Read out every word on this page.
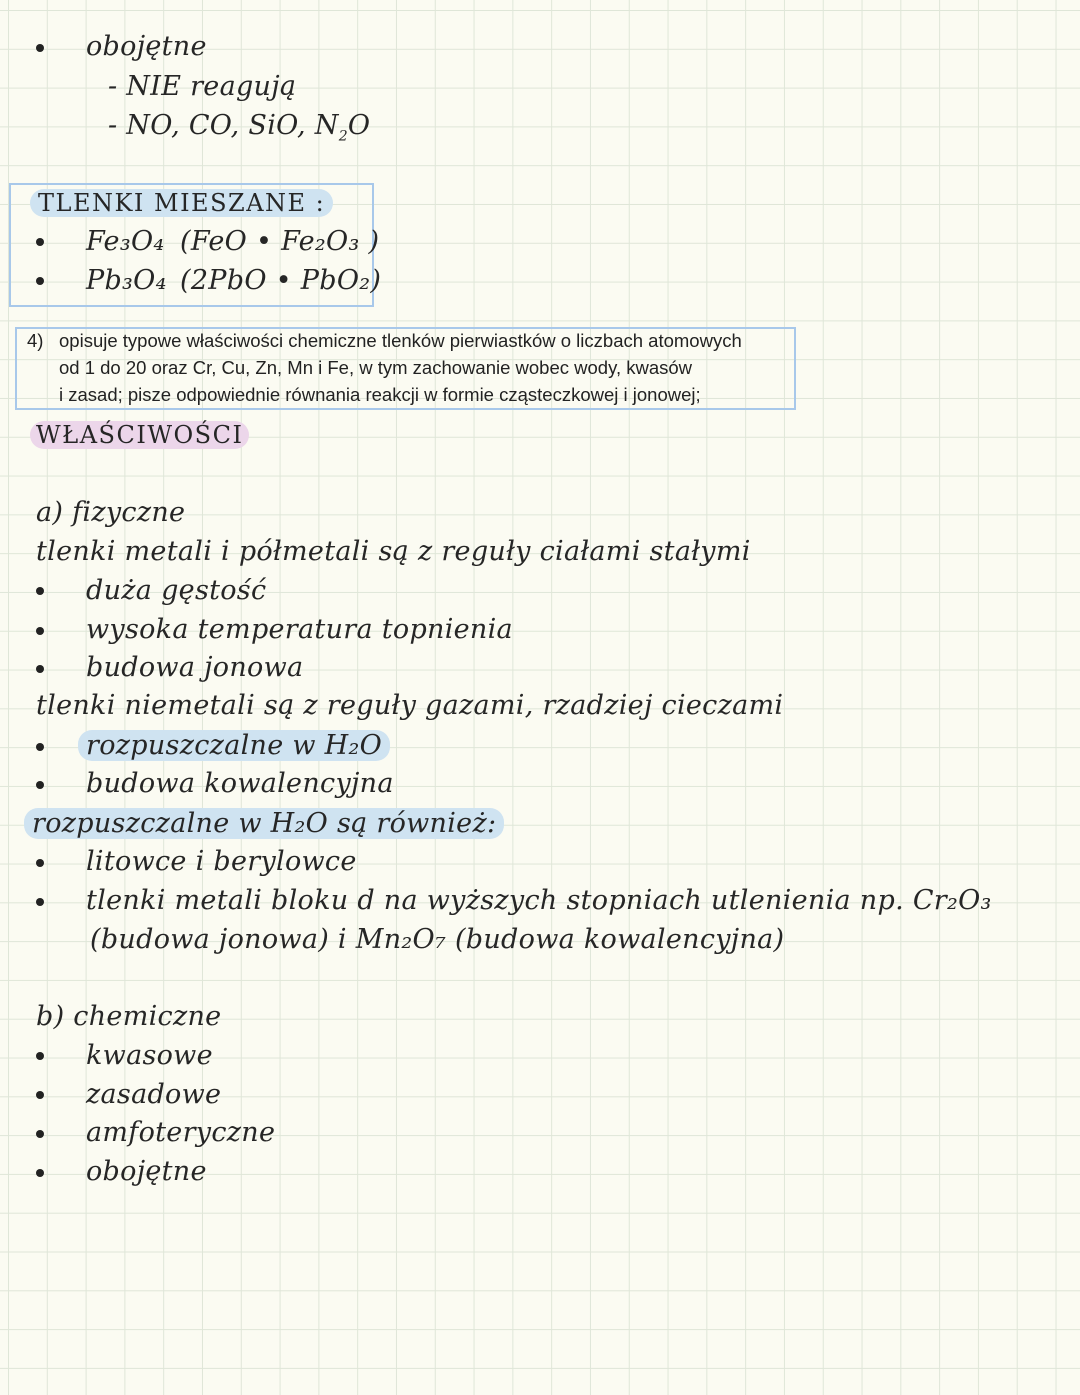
obojętne
- NIE reagują
- NO, CO, SiO, $N_2O$
TLENKI MIESZANE :
Fe₃O₄ (FeO • Fe₂O₃ )
Pb₃O₄ (2PbO • PbO₂)
4) opisuje typowe właściwości chemiczne tlenków pierwiastków o liczbach atomowych
od 1 do 20 oraz Cr, Cu, Zn, Mn i Fe, w tym zachowanie wobec wody, kwasów
i zasad; pisze odpowiednie równania reakcji w formie cząsteczkowej i jonowej;
WŁAŚCIWOŚCI
a) fizyczne
tlenki metali i półmetali są z reguły ciałami stałymi
duża gęstość
wysoka temperatura topnienia
budowa jonowa
tlenki niemetali są z reguły gazami, rzadziej cieczami
rozpuszczalne w H₂O
budowa kowalencyjna
rozpuszczalne w H₂O są również:
litowce i berylowce
tlenki metali bloku d na wyższych stopniach utlenienia np. Cr₂O₃
(budowa jonowa) i Mn₂O₇ (budowa kowalencyjna)
b) chemiczne
kwasowe
zasadowe
amfoteryczne
obojętne
